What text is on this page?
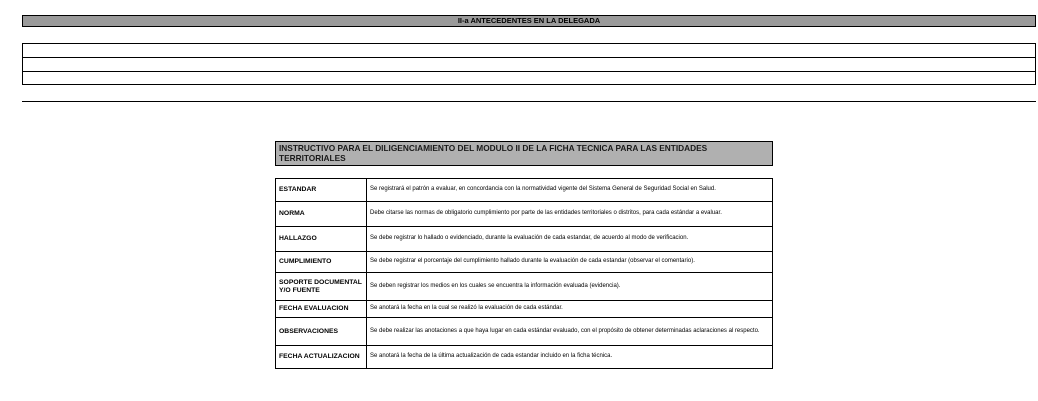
II-a ANTECEDENTES EN LA DELEGADA
INSTRUCTIVO PARA EL DILIGENCIAMIENTO DEL MODULO II DE LA FICHA TECNICA PARA LAS ENTIDADES TERRITORIALES
ESTANDAR	Se registrará el patrón a evaluar, en concordancia con la normatividad vigente del Sistema General de Seguridad Social en Salud.
NORMA	Debe citarse las normas de obligatorio cumplimiento por parte de las entidades territoriales o distritos, para cada estándar a evaluar.
HALLAZGO	Se debe registrar lo hallado o evidenciado, durante la evaluación de cada estandar, de acuerdo al modo de verificacion.
CUMPLIMIENTO	Se debe registrar el porcentaje del cumplimiento hallado durante la evaluación de cada estandar (observar el comentario).
SOPORTE DOCUMENTAL Y/O FUENTE	Se deben registrar los medios en los cuales se encuentra la información evaluada (evidencia).
FECHA EVALUACION	Se anotará la fecha en la cual se realizó la evaluación de cada estándar.
OBSERVACIONES	Se debe realizar las anotaciones a que haya lugar en cada estándar evaluado, con el propósito de obtener determinadas aclaraciones al respecto.
FECHA ACTUALIZACION	Se anotará la fecha de la última actualización de cada estandar incluido en la ficha técnica.
